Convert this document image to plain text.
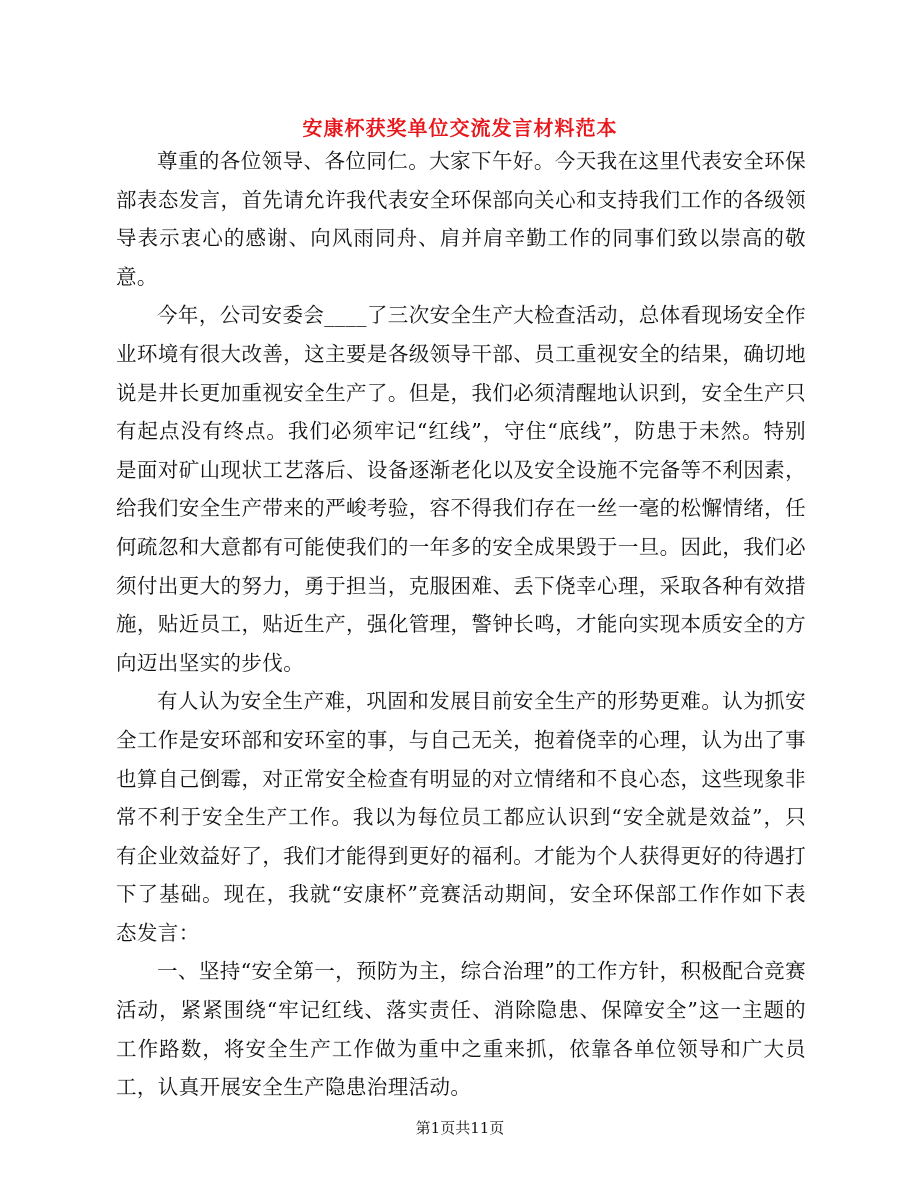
安康杯获奖单位交流发言材料范本

尊重的各位领导、各位同仁。大家下午好。今天我在这里代表安全环保部表态发言，首先请允许我代表安全环保部向关心和支持我们工作的各级领导表示衷心的感谢、向风雨同舟、肩并肩辛勤工作的同事们致以崇高的敬意。

今年，公司安委会____了三次安全生产大检查活动，总体看现场安全作业环境有很大改善，这主要是各级领导干部、员工重视安全的结果，确切地说是井长更加重视安全生产了。但是，我们必须清醒地认识到，安全生产只有起点没有终点。我们必须牢记“红线”，守住“底线”，防患于未然。特别是面对矿山现状工艺落后、设备逐渐老化以及安全设施不完备等不利因素，给我们安全生产带来的严峻考验，容不得我们存在一丝一毫的松懈情绪，任何疏忽和大意都有可能使我们的一年多的安全成果毁于一旦。因此，我们必须付出更大的努力，勇于担当，克服困难、丢下侥幸心理，采取各种有效措施，贴近员工，贴近生产，强化管理，警钟长鸣，才能向实现本质安全的方向迈出坚实的步伐。

有人认为安全生产难，巩固和发展目前安全生产的形势更难。认为抓安全工作是安环部和安环室的事，与自己无关，抱着侥幸的心理，认为出了事也算自己倒霉，对正常安全检查有明显的对立情绪和不良心态，这些现象非常不利于安全生产工作。我以为每位员工都应认识到“安全就是效益”，只有企业效益好了，我们才能得到更好的福利。才能为个人获得更好的待遇打下了基础。现在，我就“安康杯”竞赛活动期间，安全环保部工作作如下表态发言：

一、坚持“安全第一，预防为主，综合治理”的工作方针，积极配合竞赛活动，紧紧围绕“牢记红线、落实责任、消除隐患、保障安全”这一主题的工作路数，将安全生产工作做为重中之重来抓，依靠各单位领导和广大员工，认真开展安全生产隐患治理活动。

第1页共11页
